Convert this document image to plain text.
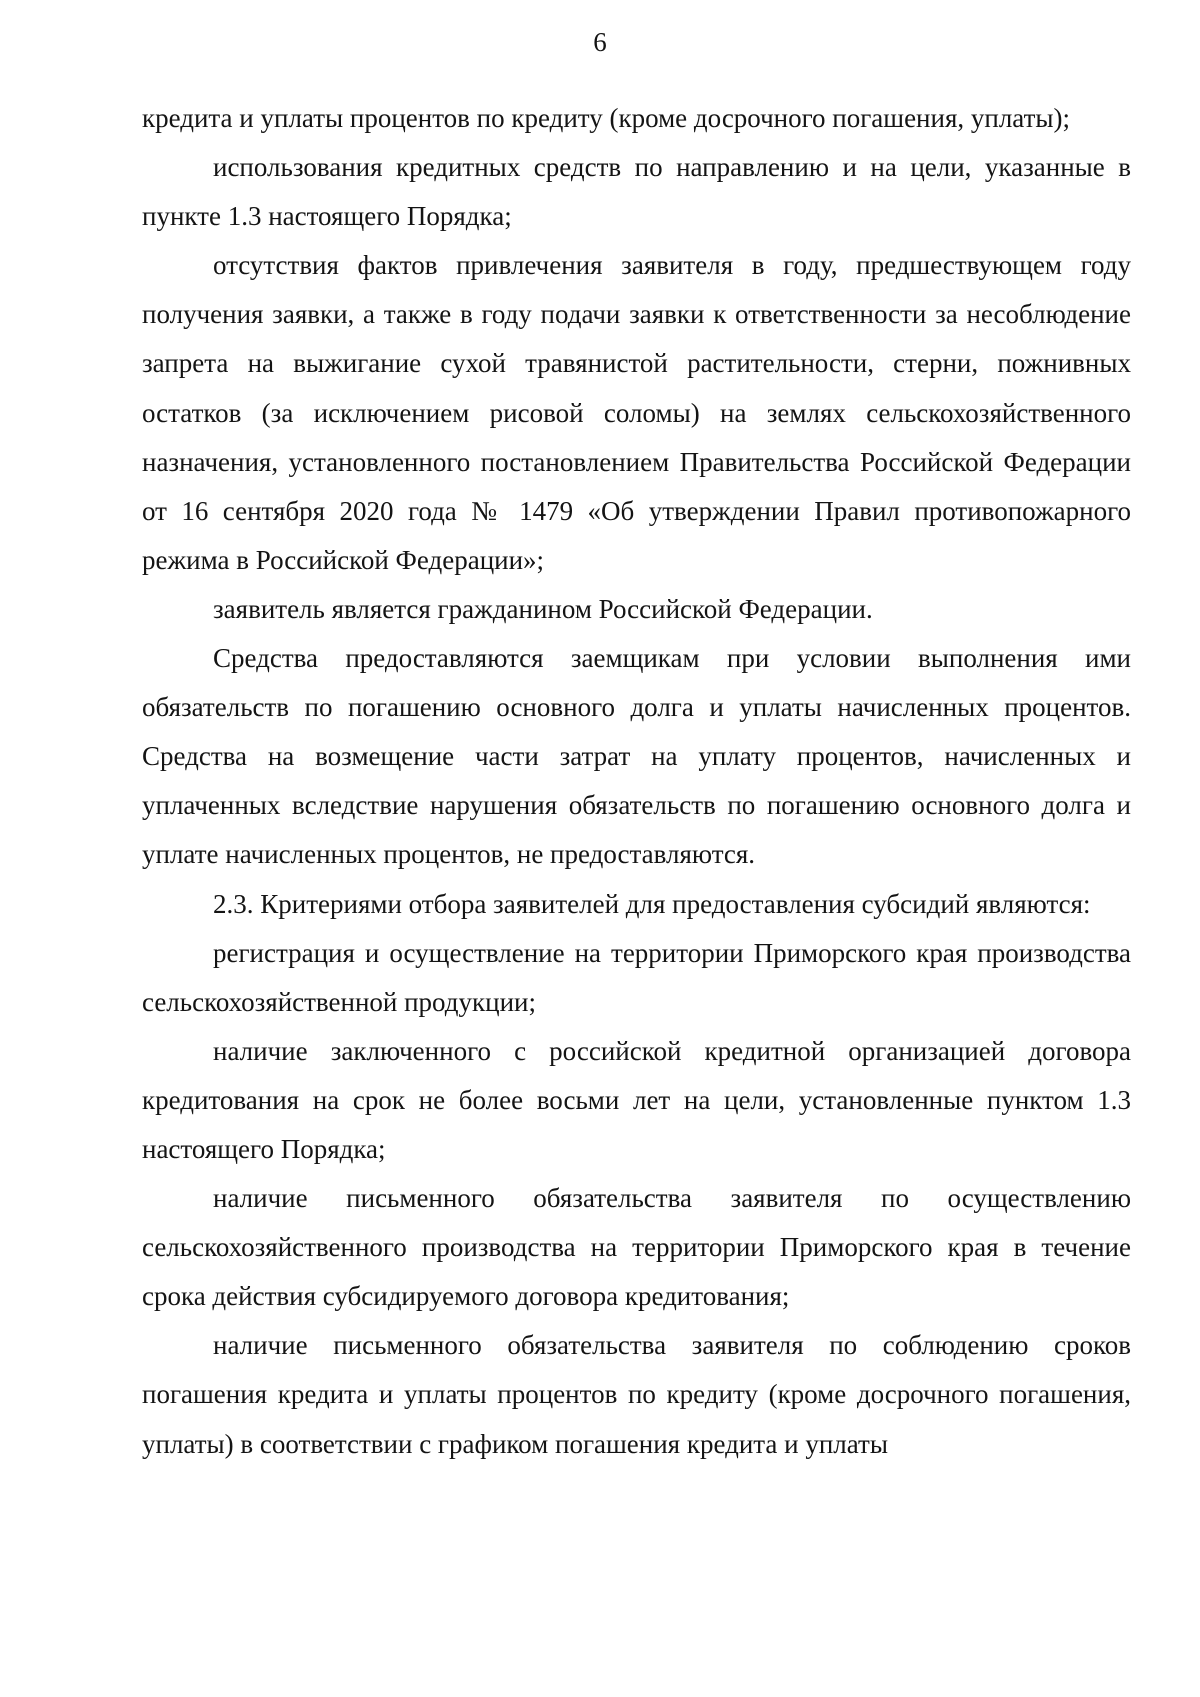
6

кредита и уплаты процентов по кредиту (кроме досрочного погашения, уплаты);

использования кредитных средств по направлению и на цели, указанные в пункте 1.3 настоящего Порядка;

отсутствия фактов привлечения заявителя в году, предшествующем году получения заявки, а также в году подачи заявки к ответственности за несоблюдение запрета на выжигание сухой травянистой растительности, стерни, пожнивных остатков (за исключением рисовой соломы) на землях сельскохозяйственного назначения, установленного постановлением Правительства Российской Федерации от 16 сентября 2020 года № 1479 «Об утверждении Правил противопожарного режима в Российской Федерации»;

заявитель является гражданином Российской Федерации.

Средства предоставляются заемщикам при условии выполнения ими обязательств по погашению основного долга и уплаты начисленных процентов. Средства на возмещение части затрат на уплату процентов, начисленных и уплаченных вследствие нарушения обязательств по погашению основного долга и уплате начисленных процентов, не предоставляются.

2.3. Критериями отбора заявителей для предоставления субсидий являются:

регистрация и осуществление на территории Приморского края производства сельскохозяйственной продукции;

наличие заключенного с российской кредитной организацией договора кредитования на срок не более восьми лет на цели, установленные пунктом 1.3 настоящего Порядка;

наличие письменного обязательства заявителя по осуществлению сельскохозяйственного производства на территории Приморского края в течение срока действия субсидируемого договора кредитования;

наличие письменного обязательства заявителя по соблюдению сроков погашения кредита и уплаты процентов по кредиту (кроме досрочного погашения, уплаты) в соответствии с графиком погашения кредита и уплаты
